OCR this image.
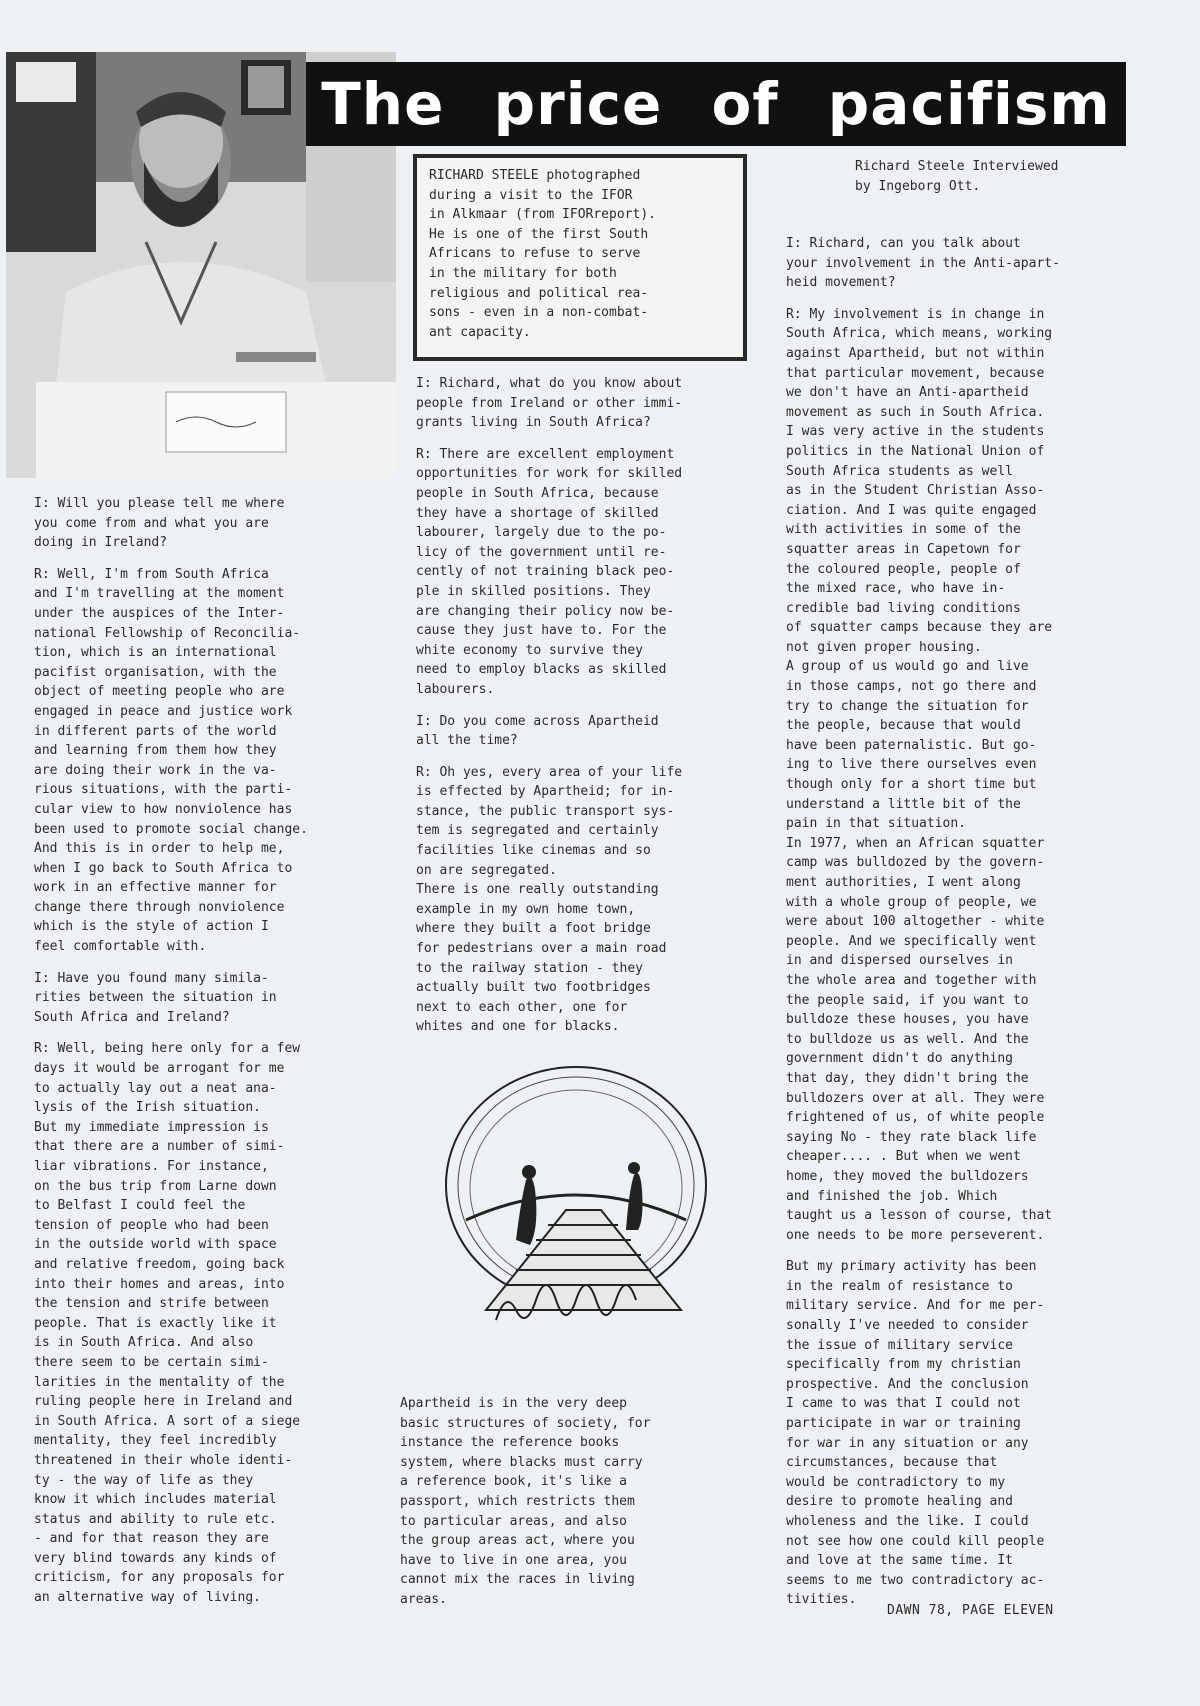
The price of pacifism
RICHARD STEELE photographed
during a visit to the IFOR
in Alkmaar (from IFORreport).
He is one of the first South
Africans to refuse to serve
in the military for both
religious and political rea-
sons - even in a non-combat-
ant capacity.
Richard Steele Interviewed
by Ingeborg Ott.

I: Will you please tell me where
you come from and what you are
doing in Ireland?

R: Well, I'm from South Africa
and I'm travelling at the moment
under the auspices of the Inter-
national Fellowship of Reconcilia-
tion, which is an international
pacifist organisation, with the
object of meeting people who are
engaged in peace and justice work
in different parts of the world
and learning from them how they
are doing their work in the va-
rious situations, with the parti-
cular view to how nonviolence has
been used to promote social change.
And this is in order to help me,
when I go back to South Africa to
work in an effective manner for
change there through nonviolence
which is the style of action I
feel comfortable with.

I: Have you found many simila-
rities between the situation in
South Africa and Ireland?

R: Well, being here only for a few
days it would be arrogant for me
to actually lay out a neat ana-
lysis of the Irish situation.
But my immediate impression is
that there are a number of simi-
liar vibrations. For instance,
on the bus trip from Larne down
to Belfast I could feel the
tension of people who had been
in the outside world with space
and relative freedom, going back
into their homes and areas, into
the tension and strife between
people. That is exactly like it
is in South Africa. And also
there seem to be certain simi-
larities in the mentality of the
ruling people here in Ireland and
in South Africa. A sort of a siege
mentality, they feel incredibly
threatened in their whole identi-
ty - the way of life as they
know it which includes material
status and ability to rule etc.
- and for that reason they are
very blind towards any kinds of
criticism, for any proposals for
an alternative way of living.

I: Richard, what do you know about
people from Ireland or other immi-
grants living in South Africa?

R: There are excellent employment
opportunities for work for skilled
people in South Africa, because
they have a shortage of skilled
labourer, largely due to the po-
licy of the government until re-
cently of not training black peo-
ple in skilled positions. They
are changing their policy now be-
cause they just have to. For the
white economy to survive they
need to employ blacks as skilled
labourers.

I: Do you come across Apartheid
all the time?

R: Oh yes, every area of your life
is effected by Apartheid; for in-
stance, the public transport sys-
tem is segregated and certainly
facilities like cinemas and so
on are segregated.
There is one really outstanding
example in my own home town,
where they built a foot bridge
for pedestrians over a main road
to the railway station - they
actually built two footbridges
next to each other, one for
whites and one for blacks.

Apartheid is in the very deep
basic structures of society, for
instance the reference books
system, where blacks must carry
a reference book, it's like a
passport, which restricts them
to particular areas, and also
the group areas act, where you
have to live in one area, you
cannot mix the races in living
areas.

I: Richard, can you talk about
your involvement in the Anti-apart-
heid movement?

R: My involvement is in change in
South Africa, which means, working
against Apartheid, but not within
that particular movement, because
we don't have an Anti-apartheid
movement as such in South Africa.
I was very active in the students
politics in the National Union of
South Africa students as well
as in the Student Christian Asso-
ciation. And I was quite engaged
with activities in some of the
squatter areas in Capetown for
the coloured people, people of
the mixed race, who have in-
credible bad living conditions
of squatter camps because they are
not given proper housing.
A group of us would go and live
in those camps, not go there and
try to change the situation for
the people, because that would
have been paternalistic. But go-
ing to live there ourselves even
though only for a short time but
understand a little bit of the
pain in that situation.
In 1977, when an African squatter
camp was bulldozed by the govern-
ment authorities, I went along
with a whole group of people, we
were about 100 altogether - white
people. And we specifically went
in and dispersed ourselves in
the whole area and together with
the people said, if you want to
bulldoze these houses, you have
to bulldoze us as well. And the
government didn't do anything
that day, they didn't bring the
bulldozers over at all. They were
frightened of us, of white people
saying No - they rate black life
cheaper.... . But when we went
home, they moved the bulldozers
and finished the job. Which
taught us a lesson of course, that
one needs to be more perseverent.

But my primary activity has been
in the realm of resistance to
military service. And for me per-
sonally I've needed to consider
the issue of military service
specifically from my christian
prospective. And the conclusion
I came to was that I could not
participate in war or training
for war in any situation or any
circumstances, because that
would be contradictory to my
desire to promote healing and
wholeness and the like. I could
not see how one could kill people
and love at the same time. It
seems to me two contradictory ac-
tivities.

DAWN 78, PAGE ELEVEN
